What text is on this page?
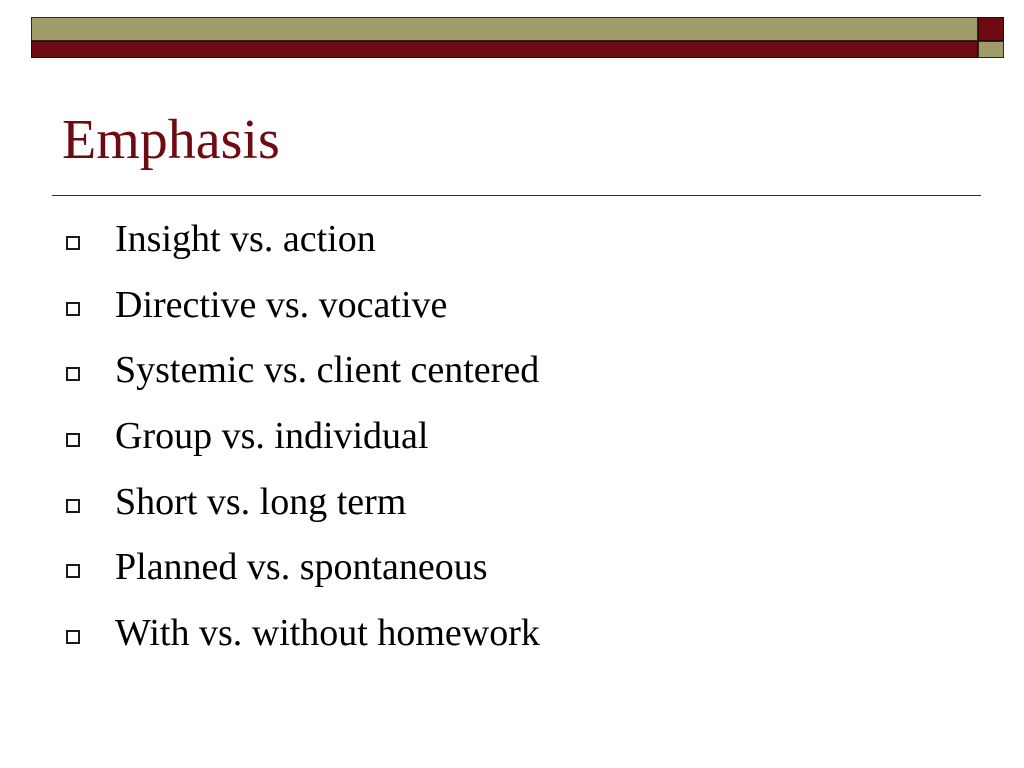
Emphasis
Insight vs. action
Directive vs. vocative
Systemic vs. client centered
Group vs. individual
Short vs. long term
Planned vs. spontaneous
With vs. without homework
